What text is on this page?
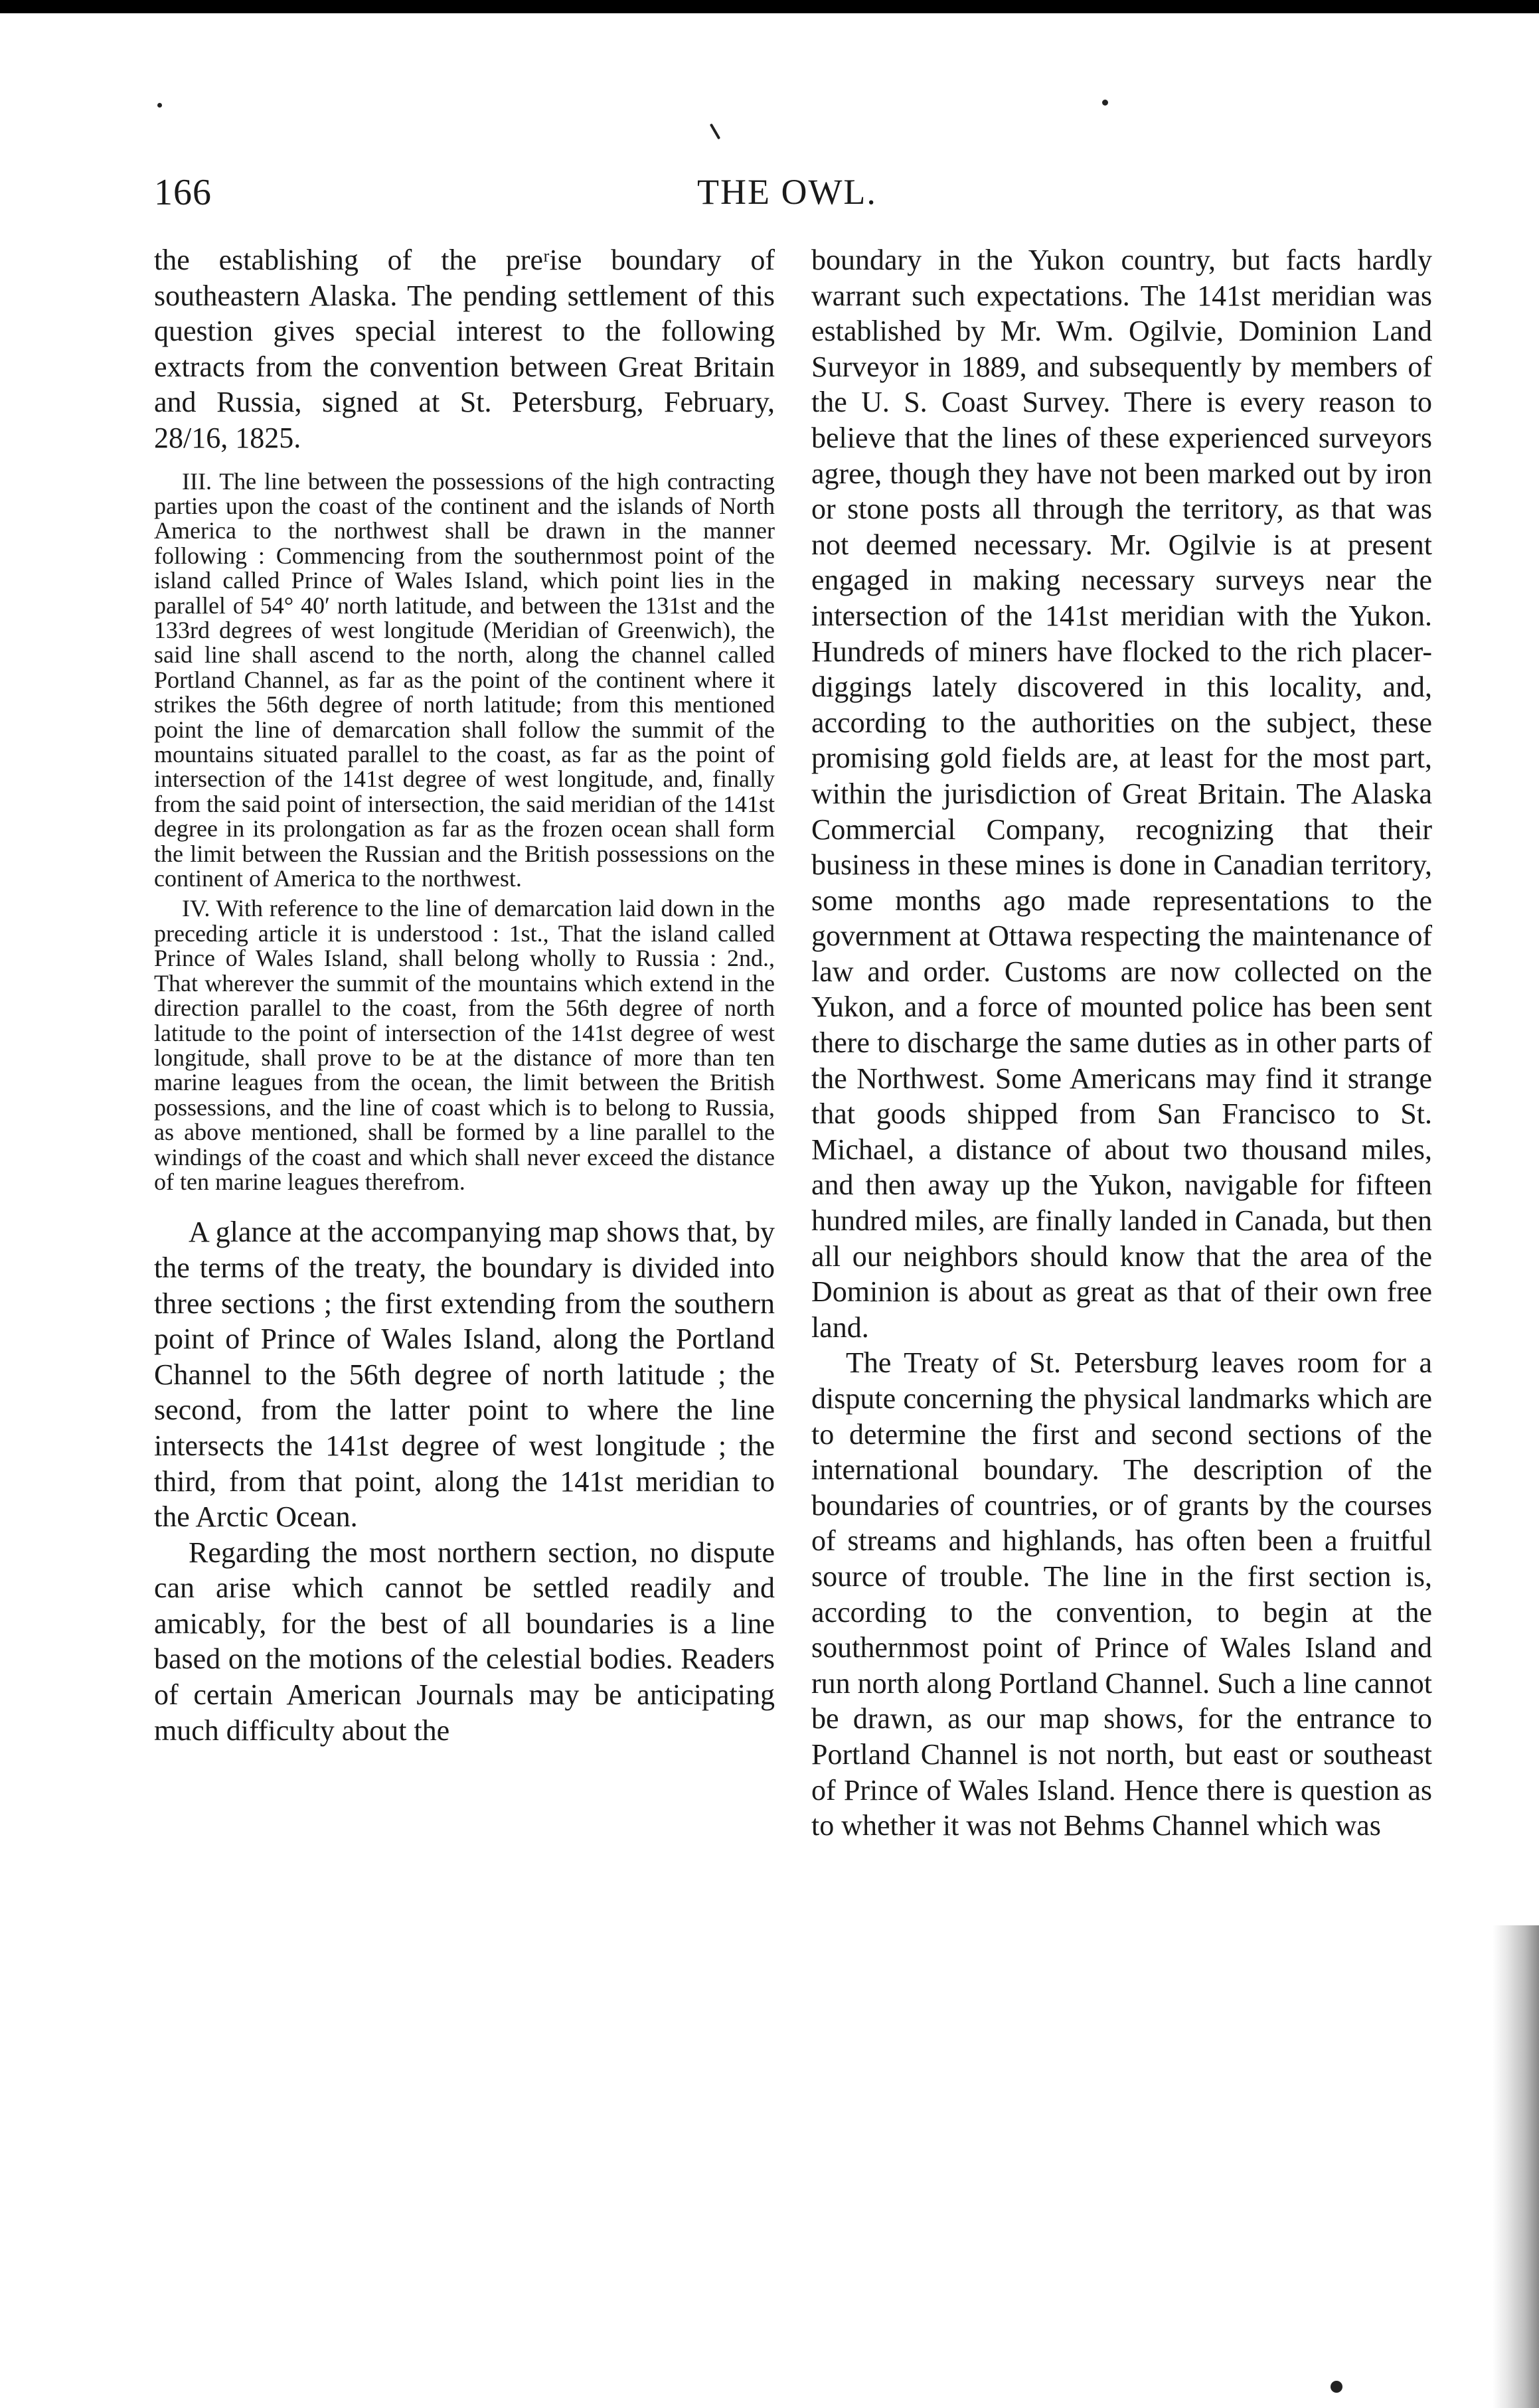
166	THE OWL.

the establishing of the preʳise boundary of southeastern Alaska. The pending settlement of this question gives special interest to the following extracts from the convention between Great Britain and Russia, signed at St. Petersburg, February, 28/16, 1825.

III. The line between the possessions of the high contracting parties upon the coast of the continent and the islands of North America to the northwest shall be drawn in the manner following : Commencing from the southernmost point of the island called Prince of Wales Island, which point lies in the parallel of 54° 40′ north latitude, and between the 131st and the 133rd degrees of west longitude (Meridian of Greenwich), the said line shall ascend to the north, along the channel called Portland Channel, as far as the point of the continent where it strikes the 56th degree of north latitude; from this mentioned point the line of demarcation shall follow the summit of the mountains situated parallel to the coast, as far as the point of intersection of the 141st degree of west longitude, and, finally from the said point of intersection, the said meridian of the 141st degree in its prolongation as far as the frozen ocean shall form the limit between the Russian and the British possessions on the continent of America to the northwest.

IV. With reference to the line of demarcation laid down in the preceding article it is understood : 1st., That the island called Prince of Wales Island, shall belong wholly to Russia : 2nd., That wherever the summit of the mountains which extend in the direction parallel to the coast, from the 56th degree of north latitude to the point of intersection of the 141st degree of west longitude, shall prove to be at the distance of more than ten marine leagues from the ocean, the limit between the British possessions, and the line of coast which is to belong to Russia, as above mentioned, shall be formed by a line parallel to the windings of the coast and which shall never exceed the distance of ten marine leagues therefrom.

A glance at the accompanying map shows that, by the terms of the treaty, the boundary is divided into three sections ; the first extending from the southern point of Prince of Wales Island, along the Portland Channel to the 56th degree of north latitude ; the second, from the latter point to where the line intersects the 141st degree of west longitude ; the third, from that point, along the 141st meridian to the Arctic Ocean.

Regarding the most northern section, no dispute can arise which cannot be settled readily and amicably, for the best of all boundaries is a line based on the motions of the celestial bodies. Readers of certain American Journals may be anticipating much difficulty about the

boundary in the Yukon country, but facts hardly warrant such expectations. The 141st meridian was established by Mr. Wm. Ogilvie, Dominion Land Surveyor in 1889, and subsequently by members of the U. S. Coast Survey. There is every reason to believe that the lines of these experienced surveyors agree, though they have not been marked out by iron or stone posts all through the territory, as that was not deemed necessary. Mr. Ogilvie is at present engaged in making necessary surveys near the intersection of the 141st meridian with the Yukon. Hundreds of miners have flocked to the rich placer-diggings lately discovered in this locality, and, according to the authorities on the subject, these promising gold fields are, at least for the most part, within the jurisdiction of Great Britain. The Alaska Commercial Company, recognizing that their business in these mines is done in Canadian territory, some months ago made representations to the government at Ottawa respecting the maintenance of law and order. Customs are now collected on the Yukon, and a force of mounted police has been sent there to discharge the same duties as in other parts of the Northwest. Some Americans may find it strange that goods shipped from San Francisco to St. Michael, a distance of about two thousand miles, and then away up the Yukon, navigable for fifteen hundred miles, are finally landed in Canada, but then all our neighbors should know that the area of the Dominion is about as great as that of their own free land.

The Treaty of St. Petersburg leaves room for a dispute concerning the physical landmarks which are to determine the first and second sections of the international boundary. The description of the boundaries of countries, or of grants by the courses of streams and highlands, has often been a fruitful source of trouble. The line in the first section is, according to the convention, to begin at the southernmost point of Prince of Wales Island and run north along Portland Channel. Such a line cannot be drawn, as our map shows, for the entrance to Portland Channel is not north, but east or southeast of Prince of Wales Island. Hence there is question as to whether it was not Behms Channel which was
